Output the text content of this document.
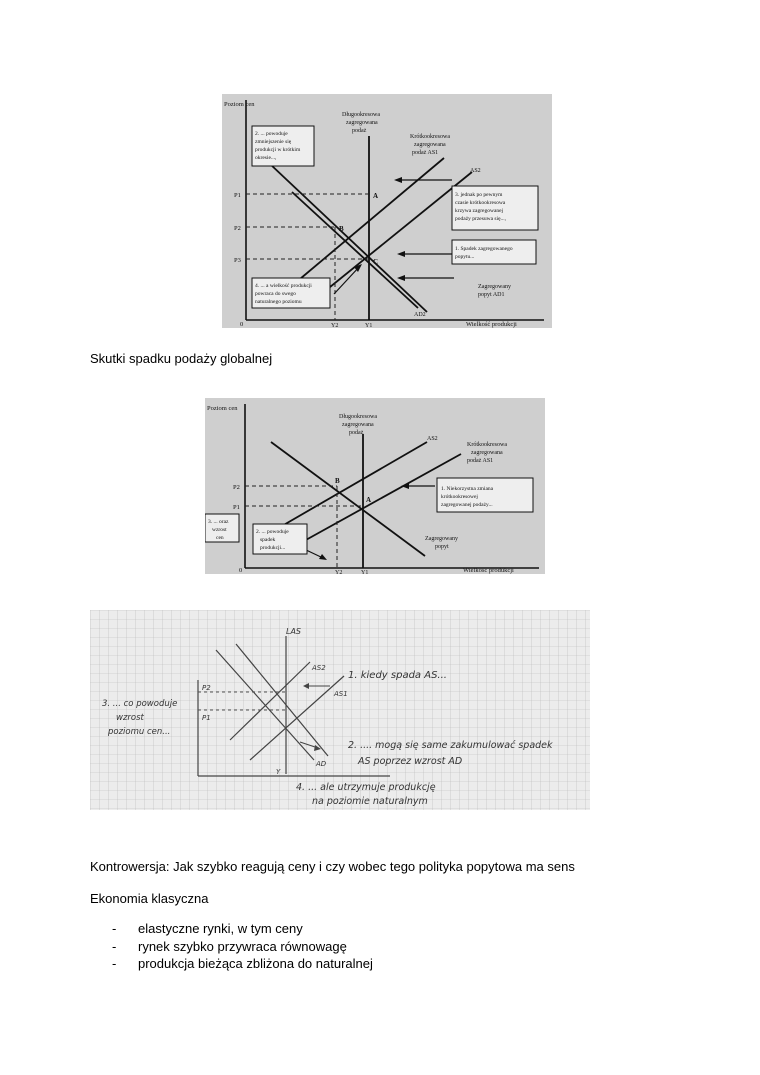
Poziom cen
Wielkość produkcji
0
Długookresowa
zagregowana
podaż
Krótkookresowa
zagregowana
podaż AS1
AS2
AD2
Zagregowany
popyt AD1
P1
P2
P3
Y1
Y2
A
B
C
2. ... powoduje
zmniejszenie się
produkcji w krótkim
okresie...,
3. jednak po pewnym
czasie krótkookresowa
krzywa zagregowanej
podaży przesuwa się...,
1. Spadek zagregowanego
popytu...
4. ... a wielkość produkcji
powraca do swego
naturalnego poziomu
Skutki spadku podaży globalnej
Poziom cen
Wielkość produkcji
0
Długookresowa
zagregowana
podaż
AS2
Krótkookresowa
zagregowana
podaż AS1
Zagregowany
popyt
P2
P1
Y2	Y1
A
B
1. Niekorzystna zmiana
krótkookresowej
zagregowanej podaży...
3. ... oraz
wzrost
cen
2. ... powoduje
spadek
produkcji...
LAS
AS2
AS1
AD
P2
P1
Y
1. kiedy spada AS...
2. .... mogą się same zakumulować spadek
AS poprzez wzrost AD
3. ... co powoduje
wzrost
poziomu cen...
4. ... ale utrzymuje produkcję
na poziomie naturalnym
Kontrowersja: Jak szybko reagują ceny i czy wobec tego polityka popytowa ma sens
Ekonomia klasyczna
- elastyczne rynki, w tym ceny
- rynek szybko przywraca równowagę
- produkcja bieżąca zbliżona do naturalnej
